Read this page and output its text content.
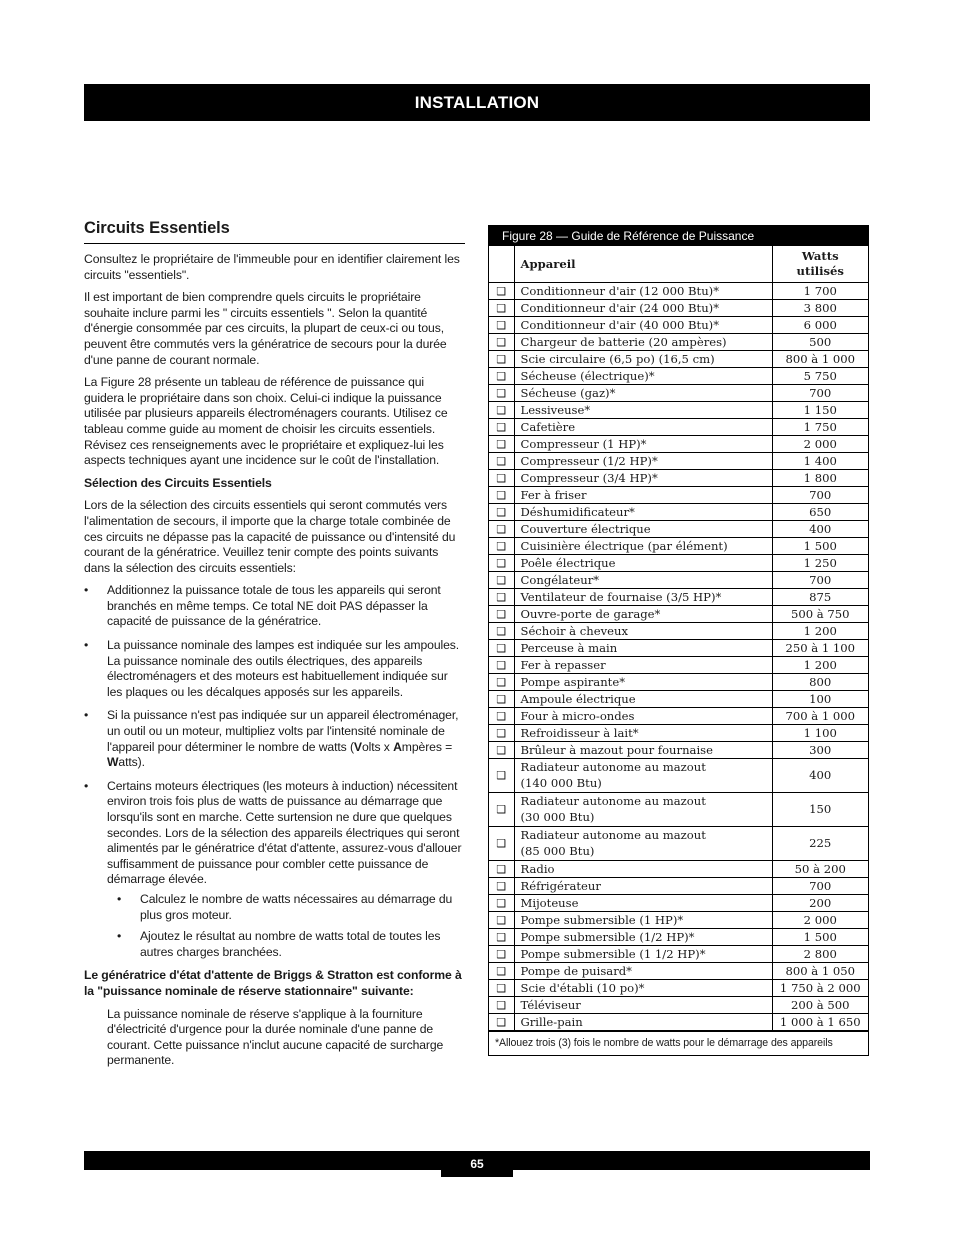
INSTALLATION
Circuits Essentiels

Consultez le propriétaire de l'immeuble pour en identifier clairement les circuits "essentiels".

Il est important de bien comprendre quels circuits le propriétaire souhaite inclure parmi les " circuits essentiels ". Selon la quantité d'énergie consommée par ces circuits, la plupart de ceux-ci ou tous, peuvent être commutés vers la génératrice de secours pour la durée d'une panne de courant normale.

La Figure 28 présente un tableau de référence de puissance qui guidera le propriétaire dans son choix. Celui-ci indique la puissance utilisée par plusieurs appareils électroménagers courants. Utilisez ce tableau comme guide au moment de choisir les circuits essentiels. Révisez ces renseignements avec le propriétaire et expliquez-lui les aspects techniques ayant une incidence sur le coût de l'installation.

Sélection des Circuits Essentiels

Lors de la sélection des circuits essentiels qui seront commutés vers l'alimentation de secours, il importe que la charge totale combinée de ces circuits ne dépasse pas la capacité de puissance ou d'intensité du courant de la génératrice. Veuillez tenir compte des points suivants dans la sélection des circuits essentiels:

• Additionnez la puissance totale de tous les appareils qui seront branchés en même temps. Ce total NE doit PAS dépasser la capacité de puissance de la génératrice.
• La puissance nominale des lampes est indiquée sur les ampoules. La puissance nominale des outils électriques, des appareils électroménagers et des moteurs est habituellement indiquée sur les plaques ou les décalques apposés sur les appareils.
• Si la puissance n'est pas indiquée sur un appareil électroménager, un outil ou un moteur, multipliez volts par l'intensité nominale de l'appareil pour déterminer le nombre de watts (Volts x Ampères = Watts).
• Certains moteurs électriques (les moteurs à induction) nécessitent environ trois fois plus de watts de puissance au démarrage que lorsqu'ils sont en marche. Cette surtension ne dure que quelques secondes. Lors de la sélection des appareils électriques qui seront alimentés par le génératrice d'état d'attente, assurez-vous d'allouer suffisamment de puissance pour combler cette puissance de démarrage élevée.
• Calculez le nombre de watts nécessaires au démarrage du plus gros moteur.
• Ajoutez le résultat au nombre de watts total de toutes les autres charges branchées.

Le génératrice d'état d'attente de Briggs & Stratton est conforme à la "puissance nominale de réserve stationnaire" suivante:

La puissance nominale de réserve s'applique à la fourniture d'électricité d'urgence pour la durée nominale d'une panne de courant. Cette puissance n'inclut aucune capacité de surcharge permanente.

Figure 28 — Guide de Référence de Puissance
	Appareil	Watts
utilisés
❑	Conditionneur d'air (12 000 Btu)*	1 700
❑	Conditionneur d'air (24 000 Btu)*	3 800
❑	Conditionneur d'air (40 000 Btu)*	6 000
❑	Chargeur de batterie (20 ampères)	500
❑	Scie circulaire (6,5 po) (16,5 cm)	800 à 1 000
❑	Sécheuse (électrique)*	5 750
❑	Sécheuse (gaz)*	700
❑	Lessiveuse*	1 150
❑	Cafetière	1 750
❑	Compresseur (1 HP)*	2 000
❑	Compresseur (1/2 HP)*	1 400
❑	Compresseur (3/4 HP)*	1 800
❑	Fer à friser	700
❑	Déshumidificateur*	650
❑	Couverture électrique	400
❑	Cuisinière électrique (par élément)	1 500
❑	Poêle électrique	1 250
❑	Congélateur*	700
❑	Ventilateur de fournaise (3/5 HP)*	875
❑	Ouvre-porte de garage*	500 à 750
❑	Séchoir à cheveux	1 200
❑	Perceuse à main	250 à 1 100
❑	Fer à repasser	1 200
❑	Pompe aspirante*	800
❑	Ampoule électrique	100
❑	Four à micro-ondes	700 à 1 000
❑	Refroidisseur à lait*	1 100
❑	Brûleur à mazout pour fournaise	300
❑	Radiateur autonome au mazout
(140 000 Btu)	400
❑	Radiateur autonome au mazout
(30 000 Btu)	150
❑	Radiateur autonome au mazout
(85 000 Btu)	225
❑	Radio	50 à 200
❑	Réfrigérateur	700
❑	Mijoteuse	200
❑	Pompe submersible (1 HP)*	2 000
❑	Pompe submersible (1/2 HP)*	1 500
❑	Pompe submersible (1 1/2 HP)*	2 800
❑	Pompe de puisard*	800 à 1 050
❑	Scie d'établi (10 po)*	1 750 à 2 000
❑	Téléviseur	200 à 500
❑	Grille-pain	1 000 à 1 650
*Allouez trois (3) fois le nombre de watts pour le démarrage des appareils
65
